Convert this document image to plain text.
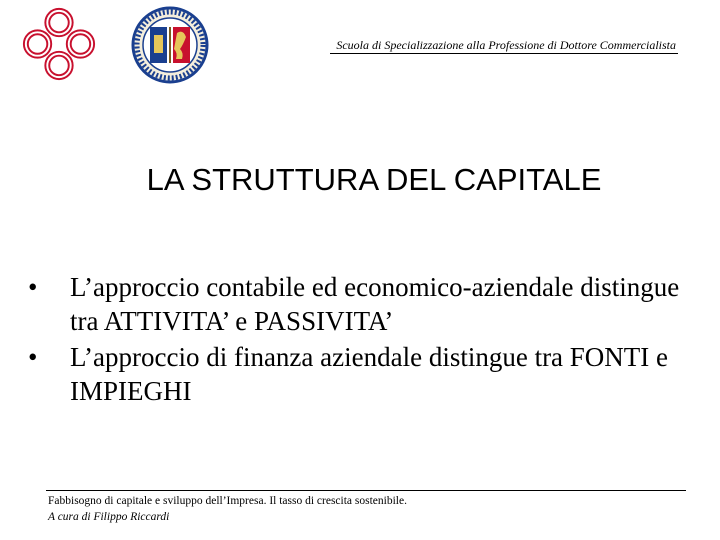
Scuola di Specializzazione alla Professione di Dottore Commercialista
LA STRUTTURA DEL CAPITALE
• L’approccio contabile ed economico-aziendale distingue tra ATTIVITA’ e PASSIVITA’
• L’approccio di finanza aziendale distingue tra FONTI e IMPIEGHI
Fabbisogno di capitale e sviluppo dell’Impresa. Il tasso di crescita sostenibile.
A cura di Filippo Riccardi
